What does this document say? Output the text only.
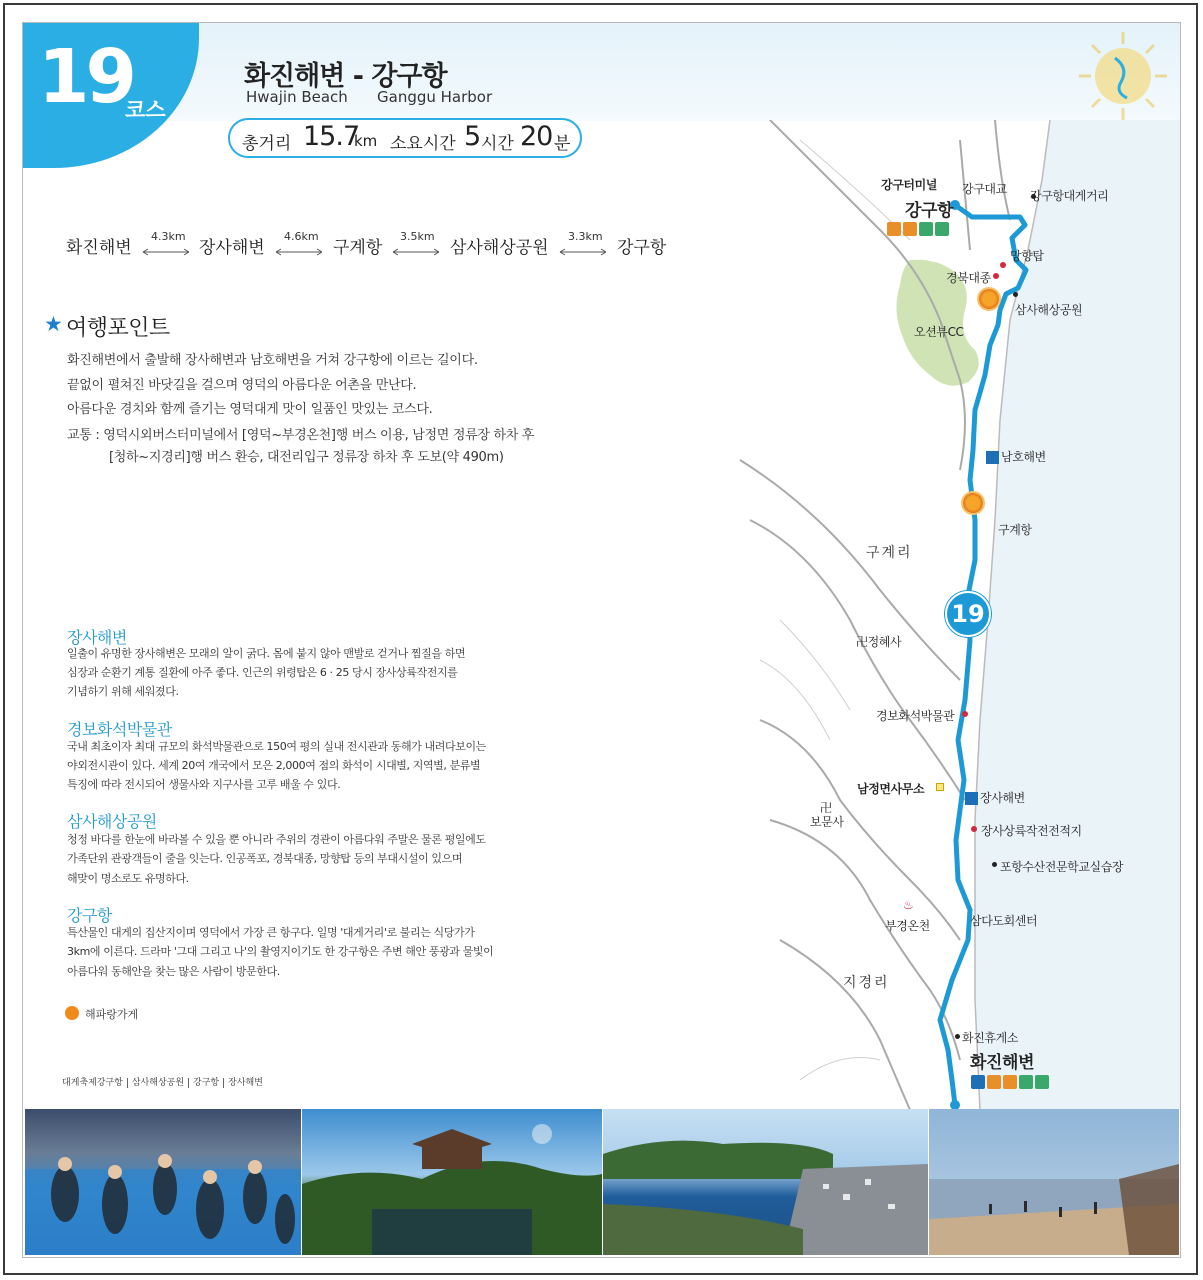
19
코스
화진해변 - 강구항
Hwajin Beach Ganggu Harbor
총거리 15.7
km 소요시간 5 시간 20 분
화진해변
4.3km
장사해변
4.6km
구계항
3.5km
삼사해상공원
3.3km
강구항
★ 여행포인트
화진해변에서 출발해 장사해변과 남호해변을 거쳐 강구항에 이르는 길이다.
끝없이 펼쳐진 바닷길을 걸으며 영덕의 아름다운 어촌을 만난다.
아름다운 경치와 함께 즐기는 영덕대게 맛이 일품인 맛있는 코스다.
교통 : 영덕시외버스터미널에서 [영덕~부경온천]행 버스 이용, 남정면 정류장 하차 후
[청하~지경리]행 버스 환승, 대전리입구 정류장 하차 후 도보(약 490m)
장사해변
일출이 유명한 장사해변은 모래의 알이 굵다. 몸에 붙지 않아 맨발로 걷거나 찜질을 하면
심장과 순환기 계통 질환에 아주 좋다. 인근의 위령탑은 6 · 25 당시 장사상륙작전지를
기념하기 위해 세워졌다.
경보화석박물관
국내 최초이자 최대 규모의 화석박물관으로 150여 평의 실내 전시관과 동해가 내려다보이는
야외전시관이 있다. 세계 20여 개국에서 모은 2,000여 점의 화석이 시대별, 지역별, 분류별
특징에 따라 전시되어 생물사와 지구사를 고루 배울 수 있다.
삼사해상공원
청정 바다를 한눈에 바라볼 수 있을 뿐 아니라 주위의 경관이 아름다워 주말은 물론 평일에도
가족단위 관광객들이 줄을 잇는다. 인공폭포, 경북대종, 망향탑 등의 부대시설이 있으며
해맞이 명소로도 유명하다.
강구항
특산물인 대게의 집산지이며 영덕에서 가장 큰 항구다. 일명 '대게거리'로 불리는 식당가가
3km에 이른다. 드라마 '그대 그리고 나'의 촬영지이기도 한 강구항은 주변 해안 풍광과 물빛이
아름다워 동해안을 찾는 많은 사람이 방문한다.
해파랑가게
대게축제강구항 삼사해상공원 강구항 장사해변
강구터미널 강구대교 강구항대게거리
강구항
망향탑
경북대종
삼사해상공원
오션뷰CC
남호해변
구계항
구계리
19
卍정혜사
경보화석박물관
남정면사무소
장사해변
卍
보문사
장사상륙작전전적지
포항수산전문학교실습장
♨
부경온천	삼다도회센터
지경리
화진휴게소
화진해변
